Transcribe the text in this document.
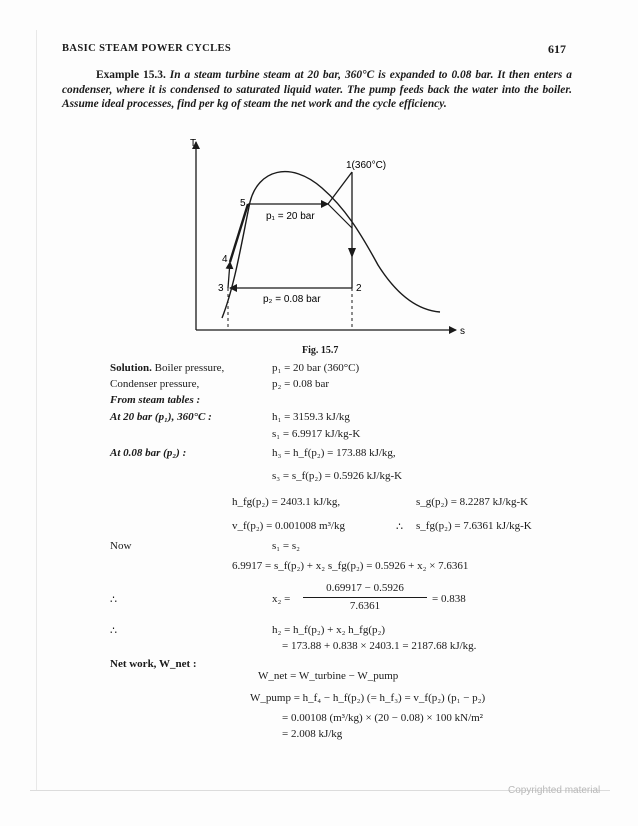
BASIC STEAM POWER CYCLES	617
Example 15.3. In a steam turbine steam at 20 bar, 360°C is expanded to 0.08 bar. It then enters a condenser, where it is condensed to saturated liquid water. The pump feeds back the water into the boiler. Assume ideal processes, find per kg of steam the net work and the cycle efficiency.
T
s
1(360°C)
2
3
4
5
p₁ = 20 bar
p₂ = 0.08 bar
Fig. 15.7
Solution. Boiler pressure,	p₁ = 20 bar (360°C)
Condenser pressure,	p₂ = 0.08 bar
From steam tables :
At 20 bar (p₁), 360°C :	h₁ = 3159.3 kJ/kg
s₁ = 6.9917 kJ/kg-K
At 0.08 bar (p₂) :	h₃ = h_f(p₂) = 173.88 kJ/kg,
s₃ = s_f(p₂) = 0.5926 kJ/kg-K
h_fg(p₂) = 2403.1 kJ/kg,	s_g(p₂) = 8.2287 kJ/kg-K
v_f(p₂) = 0.001008 m³/kg	∴ s_fg(p₂) = 7.6361 kJ/kg-K
Now	s₁ = s₂
6.9917 = s_f(p₂) + x₂ s_fg(p₂) = 0.5926 + x₂ × 7.6361
∴	x₂ =
0.69917 − 0.5926
7.6361
= 0.838
∴	h₂ = h_f(p₂) + x₂ h_fg(p₂)
= 173.88 + 0.838 × 2403.1 = 2187.68 kJ/kg.
Net work, W_net :
W_net = W_turbine − W_pump
W_pump = h_f₄ − h_f(p₂) (= h_f₃) = v_f(p₂) (p₁ − p₂)
= 0.00108 (m³/kg) × (20 − 0.08) × 100 kN/m²
= 2.008 kJ/kg
Copyrighted material
